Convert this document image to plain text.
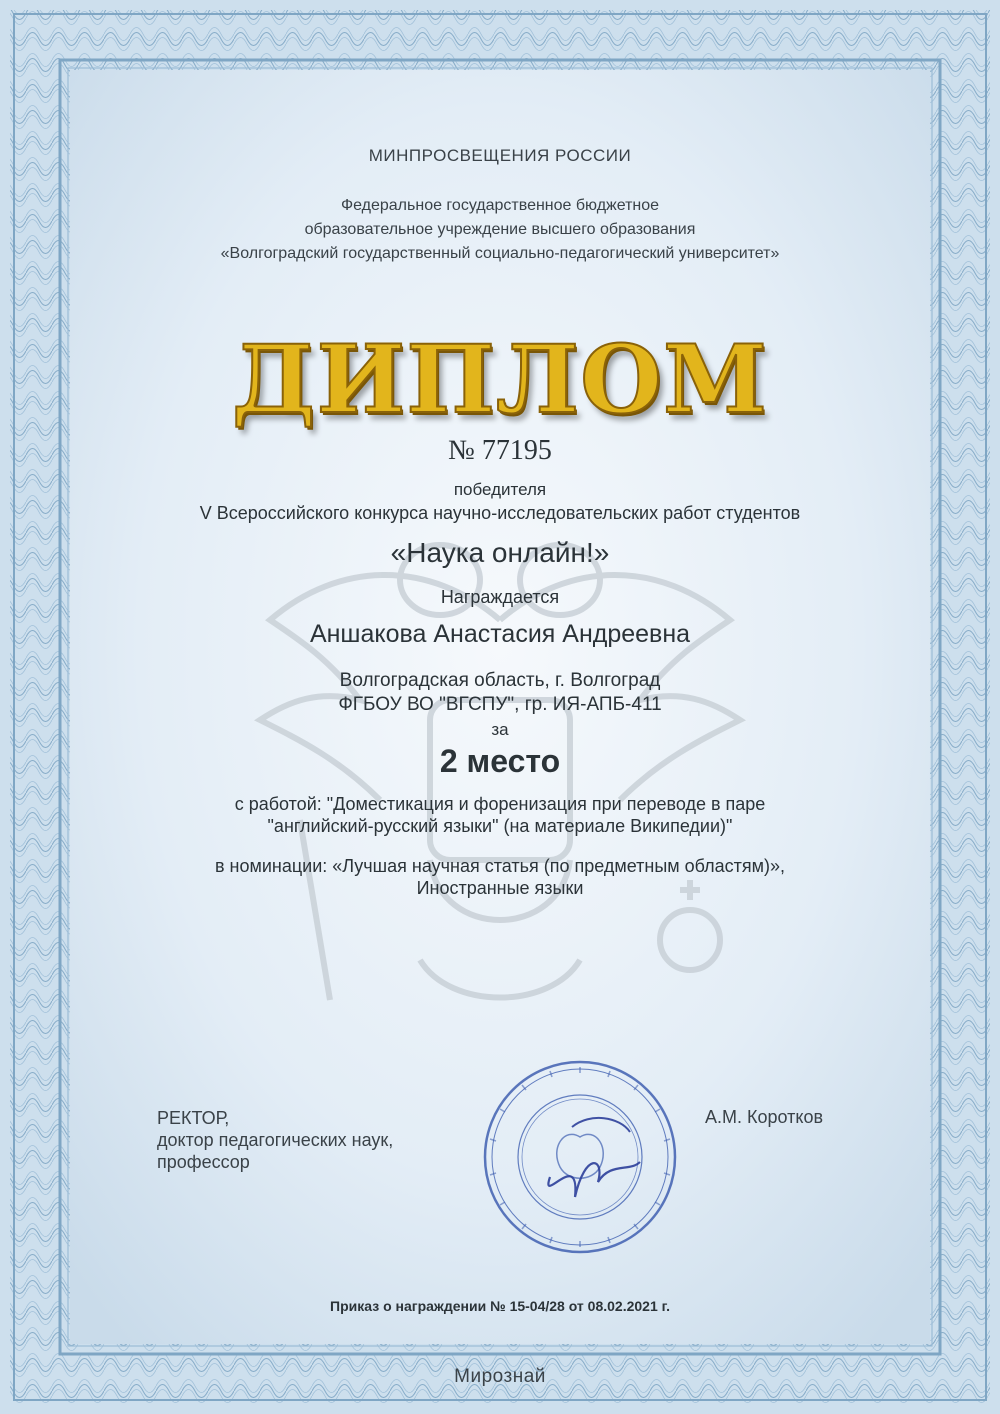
МИНПРОСВЕЩЕНИЯ РОССИИ
Федеральное государственное бюджетное
образовательное учреждение высшего образования
«Волгоградский государственный социально-педагогический университет»
ДИПЛОМ
№ 77195
победителя
V Всероссийского конкурса научно-исследовательских работ студентов
«Наука онлайн!»
Награждается
Аншакова Анастасия Андреевна
Волгоградская область, г. Волгоград
ФГБОУ ВО "ВГСПУ", гр. ИЯ-АПБ-411
за
2 место
с работой: "Доместикация и форенизация при переводе в паре
"английский-русский языки" (на материале Википедии)"
в номинации: «Лучшая научная статья (по предметным областям)»,
Иностранные языки
РЕКТОР,
доктор педагогических наук,
профессор
А.М. Коротков
Приказ о награждении № 15-04/28 от 08.02.2021 г.
Мирознай
